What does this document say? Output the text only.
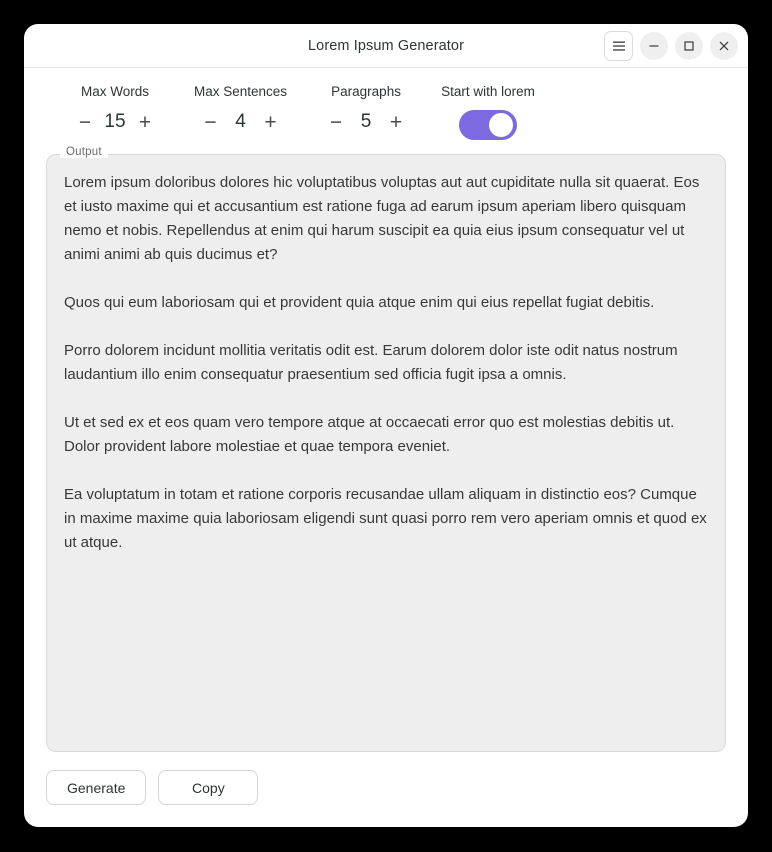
Lorem Ipsum Generator
Max Words
− 15 +
Max Sentences
− 4 +
Paragraphs
− 5 +
Start with lorem

Lorem ipsum doloribus dolores hic voluptatibus voluptas aut aut cupiditate nulla sit quaerat. Eos et iusto maxime qui et accusantium est ratione fuga ad earum ipsum aperiam libero quisquam nemo et nobis. Repellendus at enim qui harum suscipit ea quia eius ipsum consequatur vel ut animi animi ab quis ducimus et?

Quos qui eum laboriosam qui et provident quia atque enim qui eius repellat fugiat debitis.

Porro dolorem incidunt mollitia veritatis odit est. Earum dolorem dolor iste odit natus nostrum laudantium illo enim consequatur praesentium sed officia fugit ipsa a omnis.

Ut et sed ex et eos quam vero tempore atque at occaecati error quo est molestias debitis ut. Dolor provident labore molestiae et quae tempora eveniet.

Ea voluptatum in totam et ratione corporis recusandae ullam aliquam in distinctio eos? Cumque in maxime maxime quia laboriosam eligendi sunt quasi porro rem vero aperiam omnis et quod ex ut atque.

Output
Generate	Copy
